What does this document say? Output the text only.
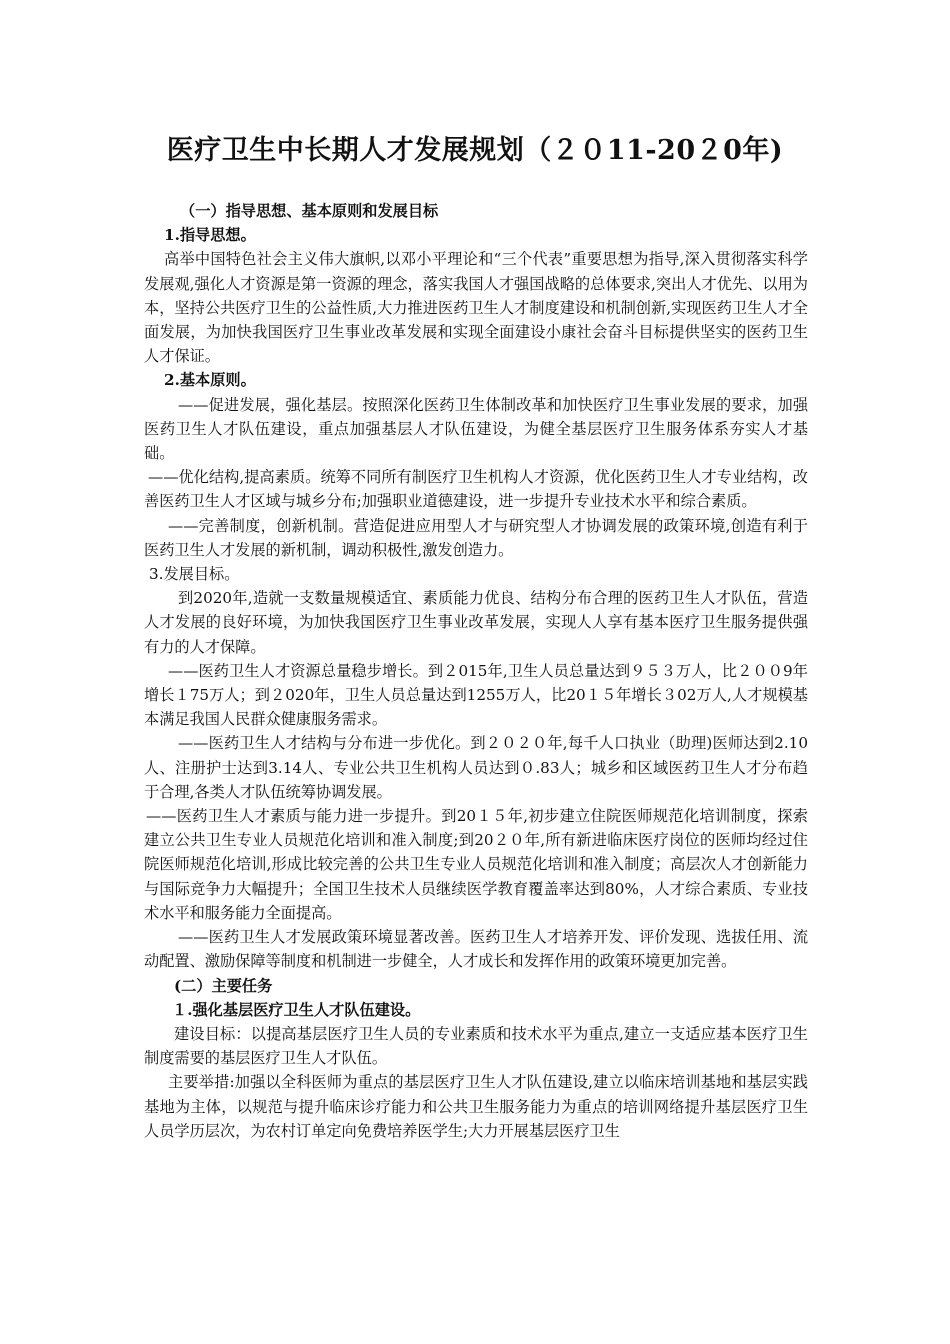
医疗卫生中长期人才发展规划（２０11-20２0年)

（一）指导思想、基本原则和发展目标

1.指导思想。

高举中国特色社会主义伟大旗帜,以邓小平理论和“三个代表”重要思想为指导,深入贯彻落实科学发展观,强化人才资源是第一资源的理念，落实我国人才强国战略的总体要求,突出人才优先、以用为本，坚持公共医疗卫生的公益性质,大力推进医药卫生人才制度建设和机制创新,实现医药卫生人才全面发展，为加快我国医疗卫生事业改革发展和实现全面建设小康社会奋斗目标提供坚实的医药卫生人才保证。

2.基本原则。

——促进发展，强化基层。按照深化医药卫生体制改革和加快医疗卫生事业发展的要求，加强医药卫生人才队伍建设，重点加强基层人才队伍建设，为健全基层医疗卫生服务体系夯实人才基础。

——优化结构,提高素质。统筹不同所有制医疗卫生机构人才资源，优化医药卫生人才专业结构，改善医药卫生人才区域与城乡分布;加强职业道德建设，进一步提升专业技术水平和综合素质。

——完善制度，创新机制。营造促进应用型人才与研究型人才协调发展的政策环境,创造有利于医药卫生人才发展的新机制，调动积极性,激发创造力。

3.发展目标。

到2020年,造就一支数量规模适宜、素质能力优良、结构分布合理的医药卫生人才队伍，营造人才发展的良好环境，为加快我国医疗卫生事业改革发展，实现人人享有基本医疗卫生服务提供强有力的人才保障。

——医药卫生人才资源总量稳步增长。到２015年,卫生人员总量达到９５３万人，比２００9年增长１75万人；到２020年，卫生人员总量达到1255万人，比20１５年增长３02万人,人才规模基本满足我国人民群众健康服务需求。

——医药卫生人才结构与分布进一步优化。到２０２０年,每千人口执业（助理)医师达到2.10人、注册护士达到3.14人、专业公共卫生机构人员达到０.83人；城乡和区域医药卫生人才分布趋于合理,各类人才队伍统筹协调发展。

——医药卫生人才素质与能力进一步提升。到20１５年,初步建立住院医师规范化培训制度，探索建立公共卫生专业人员规范化培训和准入制度;到20２０年,所有新进临床医疗岗位的医师均经过住院医师规范化培训,形成比较完善的公共卫生专业人员规范化培训和准入制度；高层次人才创新能力与国际竞争力大幅提升；全国卫生技术人员继续医学教育覆盖率达到80%，人才综合素质、专业技术水平和服务能力全面提高。

——医药卫生人才发展政策环境显著改善。医药卫生人才培养开发、评价发现、选拔任用、流动配置、激励保障等制度和机制进一步健全，人才成长和发挥作用的政策环境更加完善。

(二）主要任务

１.强化基层医疗卫生人才队伍建设。

建设目标：以提高基层医疗卫生人员的专业素质和技术水平为重点,建立一支适应基本医疗卫生制度需要的基层医疗卫生人才队伍。

主要举措:加强以全科医师为重点的基层医疗卫生人才队伍建设,建立以临床培训基地和基层实践基地为主体，以规范与提升临床诊疗能力和公共卫生服务能力为重点的培训网络提升基层医疗卫生人员学历层次，为农村订单定向免费培养医学生;大力开展基层医疗卫生
